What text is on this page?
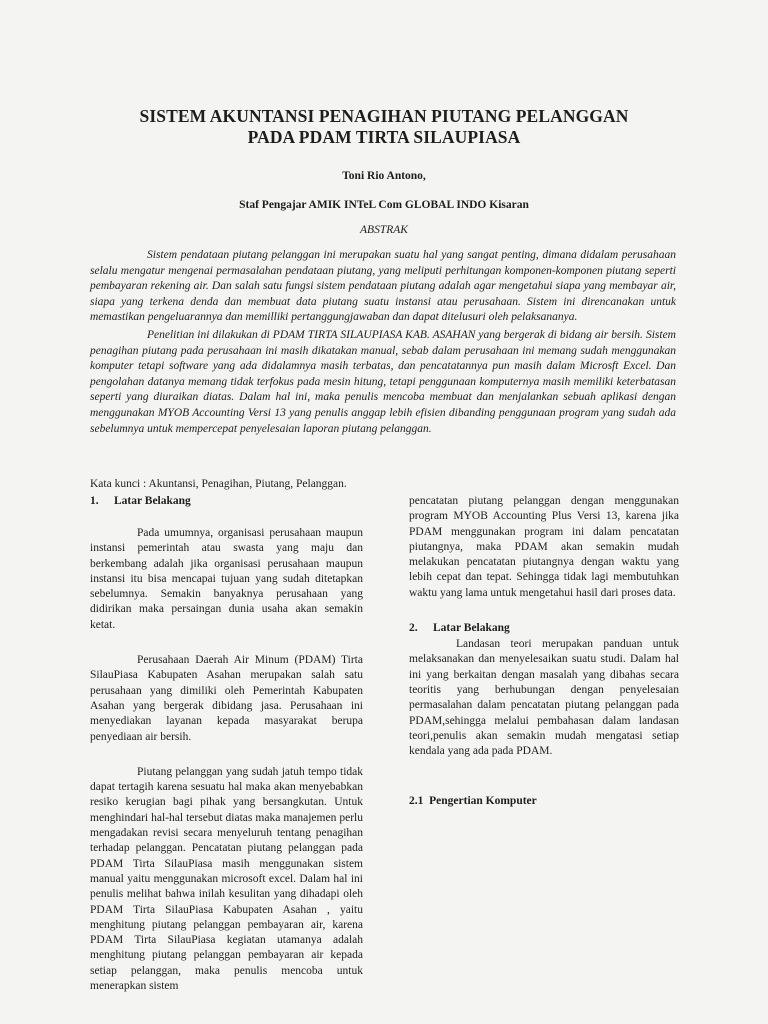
SISTEM AKUNTANSI PENAGIHAN PIUTANG PELANGGAN
PADA PDAM TIRTA SILAUPIASA
Toni Rio Antono,
Staf Pengajar AMIK INTeL Com GLOBAL INDO Kisaran
ABSTRAK

Sistem pendataan piutang pelanggan ini merupakan suatu hal yang sangat penting, dimana didalam perusahaan selalu mengatur mengenai permasalahan pendataan piutang, yang meliputi perhitungan komponen-komponen piutang seperti pembayaran rekening air. Dan salah satu fungsi sistem pendataan piutang adalah agar mengetahui siapa yang membayar air, siapa yang terkena denda dan membuat data piutang suatu instansi atau perusahaan. Sistem ini direncanakan untuk memastikan pengeluarannya dan memilliki pertanggungjawaban dan dapat ditelusuri oleh pelaksananya.

Penelitian ini dilakukan di PDAM TIRTA SILAUPIASA KAB. ASAHAN yang bergerak di bidang air bersih. Sistem penagihan piutang pada perusahaan ini masih dikatakan manual, sebab dalam perusahaan ini memang sudah menggunakan komputer tetapi software yang ada didalamnya masih terbatas, dan pencatatannya pun masih dalam Microsft Excel. Dan pengolahan datanya memang tidak terfokus pada mesin hitung, tetapi penggunaan komputernya masih memiliki keterbatasan seperti yang diuraikan diatas. Dalam hal ini, maka penulis mencoba membuat dan menjalankan sebuah aplikasi dengan menggunakan MYOB Accounting Versi 13 yang penulis anggap lebih efisien dibanding penggunaan program yang sudah ada sebelumnya untuk mempercepat penyelesaian laporan piutang pelanggan.

Kata kunci : Akuntansi, Penagihan, Piutang, Pelanggan.
1. Latar Belakang

Pada umumnya, organisasi perusahaan maupun instansi pemerintah atau swasta yang maju dan berkembang adalah jika organisasi perusahaan maupun instansi itu bisa mencapai tujuan yang sudah ditetapkan sebelumnya. Semakin banyaknya perusahaan yang didirikan maka persaingan dunia usaha akan semakin ketat.

Perusahaan Daerah Air Minum (PDAM) Tirta SilauPiasa Kabupaten Asahan merupakan salah satu perusahaan yang dimiliki oleh Pemerintah Kabupaten Asahan yang bergerak dibidang jasa. Perusahaan ini menyediakan layanan kepada masyarakat berupa penyediaan air bersih.

Piutang pelanggan yang sudah jatuh tempo tidak dapat tertagih karena sesuatu hal maka akan menyebabkan resiko kerugian bagi pihak yang bersangkutan. Untuk menghindari hal-hal tersebut diatas maka manajemen perlu mengadakan revisi secara menyeluruh tentang penagihan terhadap pelanggan. Pencatatan piutang pelanggan pada PDAM Tirta SilauPiasa masih menggunakan sistem manual yaitu menggunakan microsoft excel. Dalam hal ini penulis melihat bahwa inilah kesulitan yang dihadapi oleh PDAM Tirta SilauPiasa Kabupaten Asahan , yaitu menghitung piutang pelanggan pembayaran air, karena PDAM Tirta SilauPiasa kegiatan utamanya adalah menghitung piutang pelanggan pembayaran air kepada setiap pelanggan, maka penulis mencoba untuk menerapkan sistem

pencatatan piutang pelanggan dengan menggunakan program MYOB Accounting Plus Versi 13, karena jika PDAM menggunakan program ini dalam pencatatan piutangnya, maka PDAM akan semakin mudah melakukan pencatatan piutangnya dengan waktu yang lebih cepat dan tepat. Sehingga tidak lagi membutuhkan waktu yang lama untuk mengetahui hasil dari proses data.

2. Latar Belakang

Landasan teori merupakan panduan untuk melaksanakan dan menyelesaikan suatu studi. Dalam hal ini yang berkaitan dengan masalah yang dibahas secara teoritis yang berhubungan dengan penyelesaian permasalahan dalam pencatatan piutang pelanggan pada PDAM,sehingga melalui pembahasan dalam landasan teori,penulis akan semakin mudah mengatasi setiap kendala yang ada pada PDAM.

2.1  Pengertian Komputer
